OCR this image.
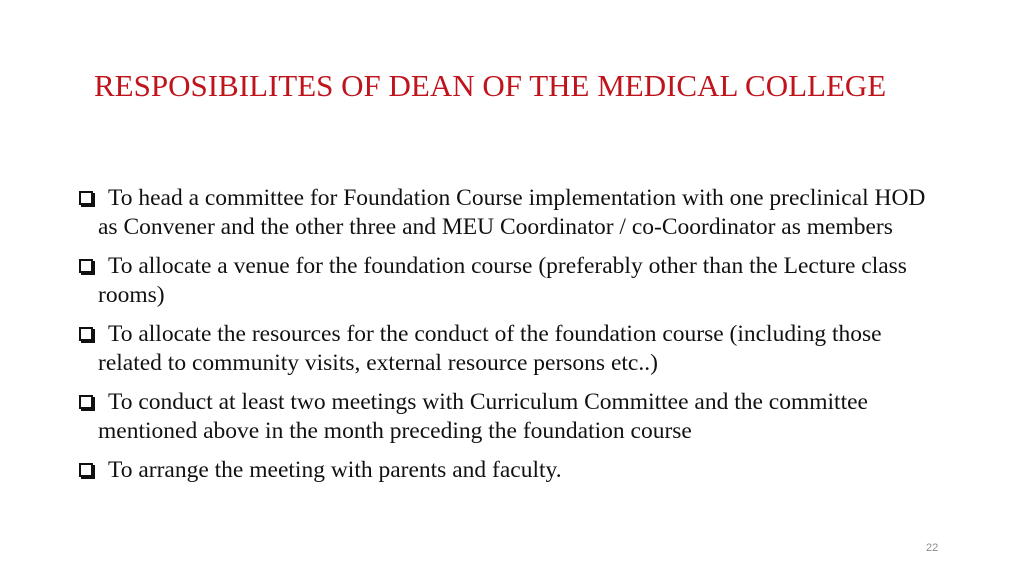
RESPOSIBILITES OF DEAN OF THE MEDICAL COLLEGE
To head a committee for Foundation Course implementation with one preclinical HOD as Convener and the other three and MEU Coordinator / co-Coordinator as members
To allocate a venue for the foundation course (preferably other than the Lecture class rooms)
To allocate the resources for the conduct of the foundation course (including those related to community visits, external resource persons etc..)
To conduct at least two meetings with Curriculum Committee and the committee mentioned above in the month preceding the foundation course
To arrange the meeting with parents and faculty.
22
